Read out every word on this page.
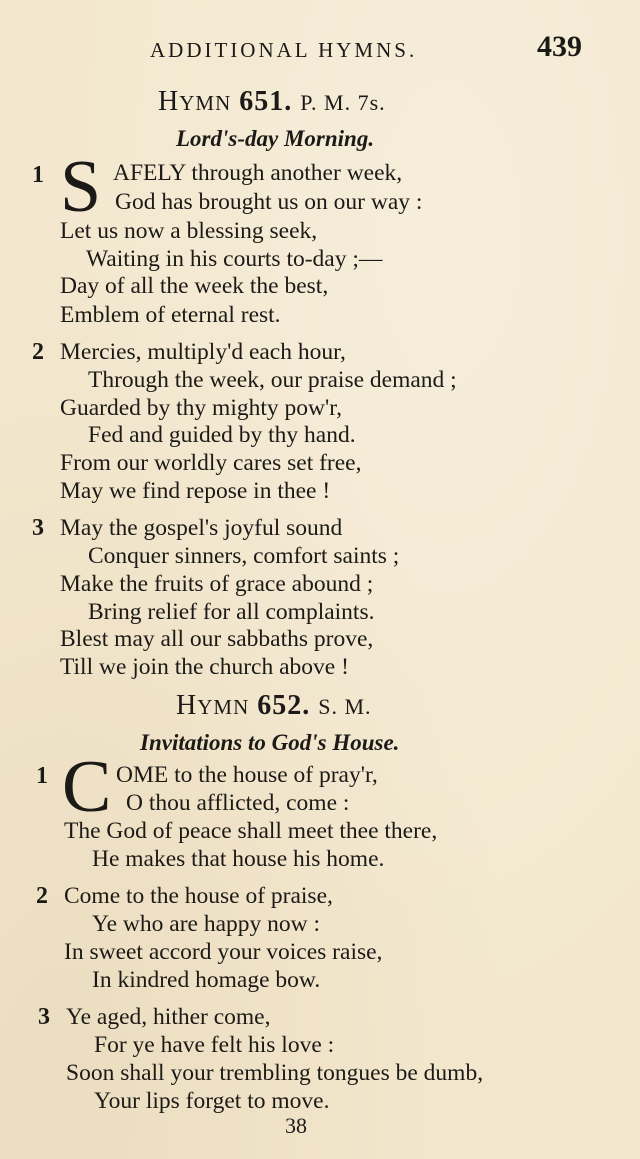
ADDITIONAL HYMNS.	439
HYMN 651. P. M. 7s.
Lord's-day Morning.
1 S AFELY through another week,
God has brought us on our way :
Let us now a blessing seek,
Waiting in his courts to-day ;—
Day of all the week the best,
Emblem of eternal rest.
2 Mercies, multiply'd each hour,
Through the week, our praise demand ;
Guarded by thy mighty pow'r,
Fed and guided by thy hand.
From our worldly cares set free,
May we find repose in thee !
3 May the gospel's joyful sound
Conquer sinners, comfort saints ;
Make the fruits of grace abound ;
Bring relief for all complaints.
Blest may all our sabbaths prove,
Till we join the church above !
HYMN 652. S. M.
Invitations to God's House.
1 C OME to the house of pray'r,
O thou afflicted, come :
The God of peace shall meet thee there,
He makes that house his home.
2 Come to the house of praise,
Ye who are happy now :
In sweet accord your voices raise,
In kindred homage bow.
3 Ye aged, hither come,
For ye have felt his love :
Soon shall your trembling tongues be dumb,
Your lips forget to move.
38
